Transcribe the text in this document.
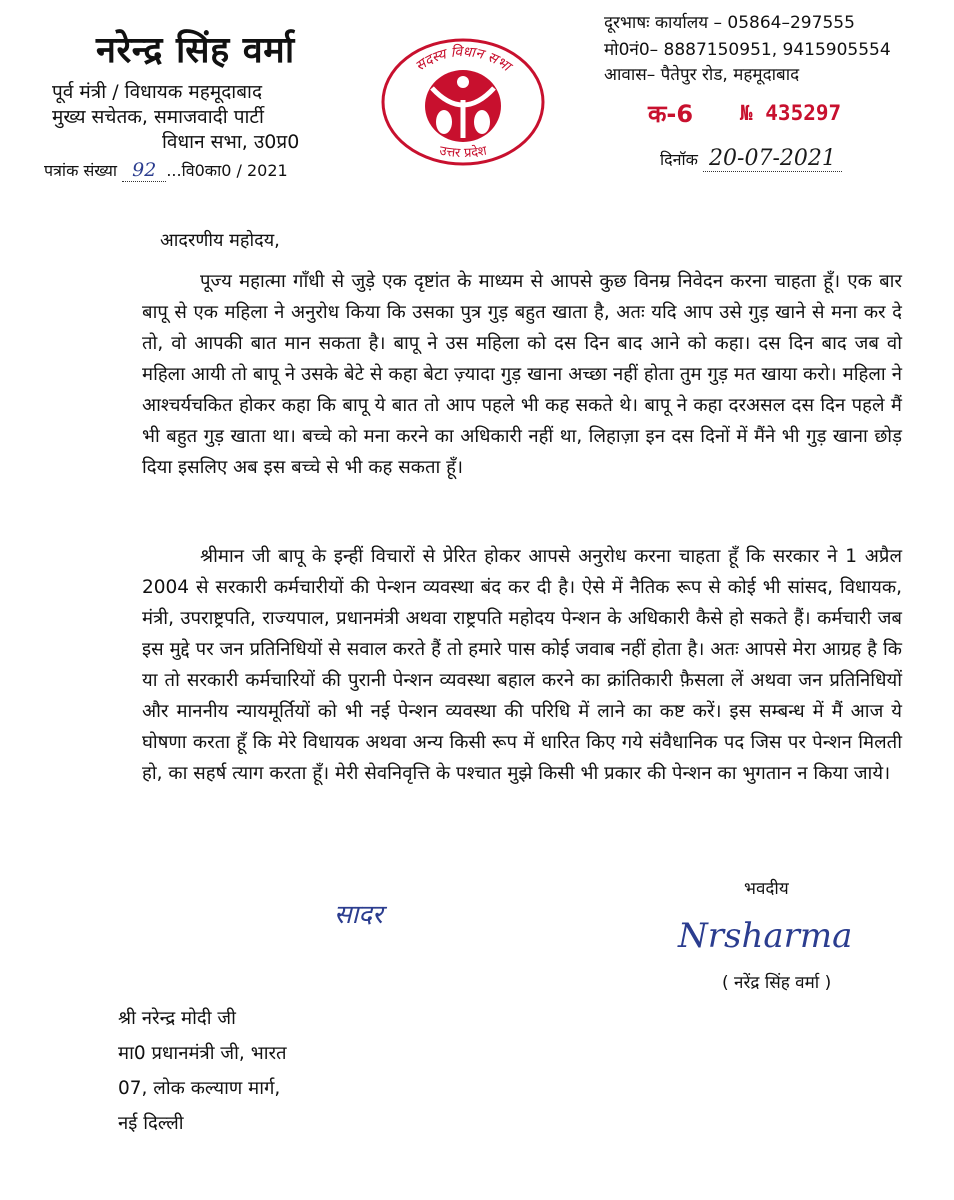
नरेन्द्र सिंह वर्मा
पूर्व मंत्री / विधायक महमूदाबाद
मुख्य सचेतक, समाजवादी पार्टी
विधान सभा, उ0प्र0
सदस्य विधान सभा
उत्तर प्रदेश
दूरभाषः कार्यालय – 05864–297555
मो0नं0– 8887150951, 9415905554
आवास– पैतेपुर रोड, महमूदाबाद
क-6 № 435297
पत्रांक संख्या 92 ...वि0का0 / 2021
दिनॉक 20-07-2021
आदरणीय महोदय,
पूज्य महात्मा गाँधी से जुड़े एक दृष्टांत के माध्यम से आपसे कुछ विनम्र निवेदन करना चाहता हूँ। एक बार बापू से एक महिला ने अनुरोध किया कि उसका पुत्र गुड़ बहुत खाता है, अतः यदि आप उसे गुड़ खाने से मना कर दे तो, वो आपकी बात मान सकता है। बापू ने उस महिला को दस दिन बाद आने को कहा। दस दिन बाद जब वो महिला आयी तो बापू ने उसके बेटे से कहा बेटा ज़्यादा गुड़ खाना अच्छा नहीं होता तुम गुड़ मत खाया करो। महिला ने आश्चर्यचकित होकर कहा कि बापू ये बात तो आप पहले भी कह सकते थे। बापू ने कहा दरअसल दस दिन पहले मैं भी बहुत गुड़ खाता था। बच्चे को मना करने का अधिकारी नहीं था, लिहाज़ा इन दस दिनों में मैंने भी गुड़ खाना छोड़ दिया इसलिए अब इस बच्चे से भी कह सकता हूँ।
श्रीमान जी बापू के इन्हीं विचारों से प्रेरित होकर आपसे अनुरोध करना चाहता हूँ कि सरकार ने 1 अप्रैल 2004 से सरकारी कर्मचारीयों की पेन्शन व्यवस्था बंद कर दी है। ऐसे में नैतिक रूप से कोई भी सांसद, विधायक, मंत्री, उपराष्ट्रपति, राज्यपाल, प्रधानमंत्री अथवा राष्ट्रपति महोदय पेन्शन के अधिकारी कैसे हो सकते हैं। कर्मचारी जब इस मुद्दे पर जन प्रतिनिधियों से सवाल करते हैं तो हमारे पास कोई जवाब नहीं होता है। अतः आपसे मेरा आग्रह है कि या तो सरकारी कर्मचारियों की पुरानी पेन्शन व्यवस्था बहाल करने का क्रांतिकारी फ़ैसला लें अथवा जन प्रतिनिधियों और माननीय न्यायमूर्तियों को भी नई पेन्शन व्यवस्था की परिधि में लाने का कष्ट करें। इस सम्बन्ध में मैं आज ये घोषणा करता हूँ कि मेरे विधायक अथवा अन्य किसी रूप में धारित किए गये संवैधानिक पद जिस पर पेन्शन मिलती हो, का सहर्ष त्याग करता हूँ। मेरी सेवनिवृत्ति के पश्चात मुझे किसी भी प्रकार की पेन्शन का भुगतान न किया जाये।
भवदीय
सादर
Nrsharma
( नरेंद्र सिंह वर्मा )
श्री नरेन्द्र मोदी जी
मा0 प्रधानमंत्री जी, भारत
07, लोक कल्याण मार्ग,
नई दिल्ली
